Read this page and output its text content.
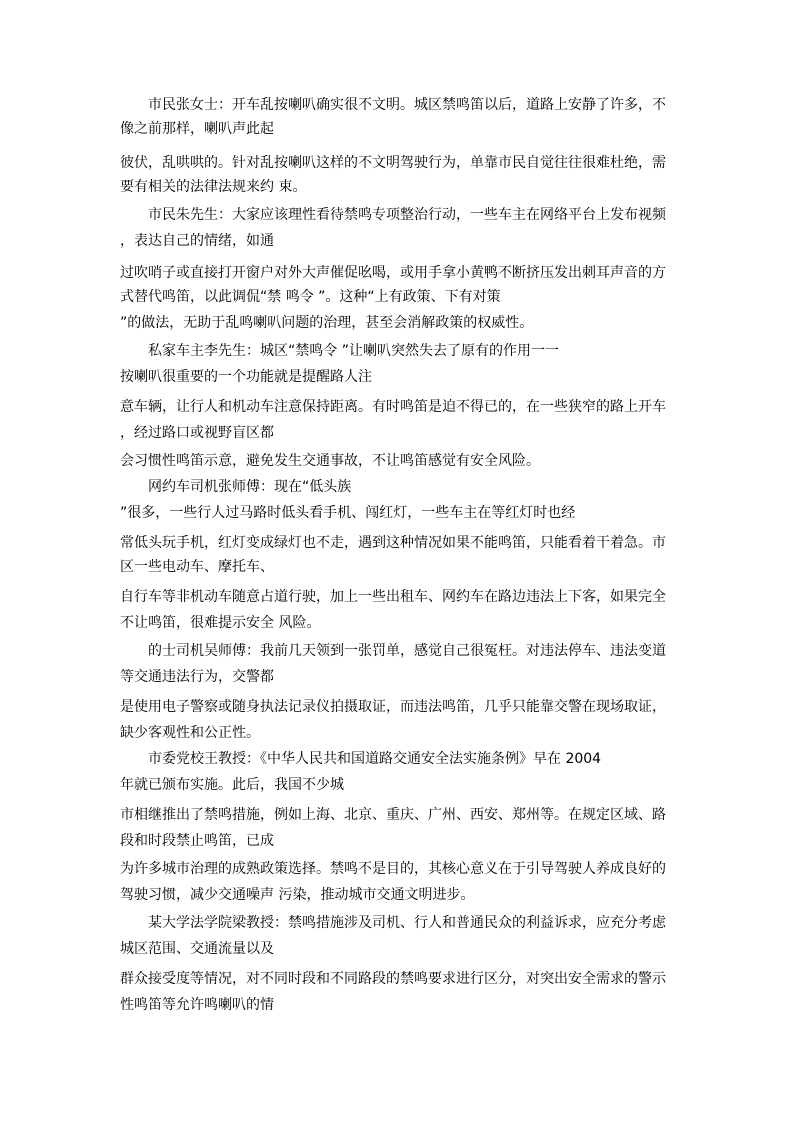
市民张女士：开车乱按喇叭确实很不文明。城区禁鸣笛以后，道路上安静了许多，不
像之前那样，喇叭声此起
彼伏，乱哄哄的。针对乱按喇叭这样的不文明驾驶行为，单靠市民自觉往往很难杜绝，需
要有相关的法律法规来约 束。
市民朱先生：大家应该理性看待禁鸣专项整治行动，一些车主在网络平台上发布视频
，表达自己的情绪，如通
过吹哨子或直接打开窗户对外大声催促吆喝，或用手拿小黄鸭不断挤压发出刺耳声音的方
式替代鸣笛，以此调侃“禁 鸣令 ”。这种“上有政策、下有对策
”的做法，无助于乱鸣喇叭问题的治理，甚至会消解政策的权威性。
私家车主李先生：城区“禁鸣令 ”让喇叭突然失去了原有的作用一一
按喇叭很重要的一个功能就是提醒路人注
意车辆，让行人和机动车注意保持距离。有时鸣笛是迫不得已的，在一些狭窄的路上开车
，经过路口或视野盲区都
会习惯性鸣笛示意，避免发生交通事故，不让鸣笛感觉有安全风险。
网约车司机张师傅：现在“低头族
”很多，一些行人过马路时低头看手机、闯红灯，一些车主在等红灯时也经
常低头玩手机，红灯变成绿灯也不走，遇到这种情况如果不能鸣笛，只能看着干着急。市
区一些电动车、摩托车、
自行车等非机动车随意占道行驶，加上一些出租车、网约车在路边违法上下客，如果完全
不让鸣笛，很难提示安全 风险。
的士司机吴师傅：我前几天领到一张罚单，感觉自己很冤枉。对违法停车、违法变道
等交通违法行为，交警都
是使用电子警察或随身执法记录仪拍摄取证，而违法鸣笛，几乎只能靠交警在现场取证，
缺少客观性和公正性。
市委党校王教授：《中华人民共和国道路交通安全法实施条例》早在 2004
年就已颁布实施。此后，我国不少城
市相继推出了禁鸣措施，例如上海、北京、重庆、广州、西安、郑州等。在规定区域、路
段和时段禁止鸣笛，已成
为许多城市治理的成熟政策选择。禁鸣不是目的，其核心意义在于引导驾驶人养成良好的
驾驶习惯，减少交通噪声 污染，推动城市交通文明进步。
某大学法学院梁教授：禁鸣措施涉及司机、行人和普通民众的利益诉求，应充分考虑
城区范围、交通流量以及
群众接受度等情况，对不同时段和不同路段的禁鸣要求进行区分，对突出安全需求的警示
性鸣笛等允许鸣喇叭的情
